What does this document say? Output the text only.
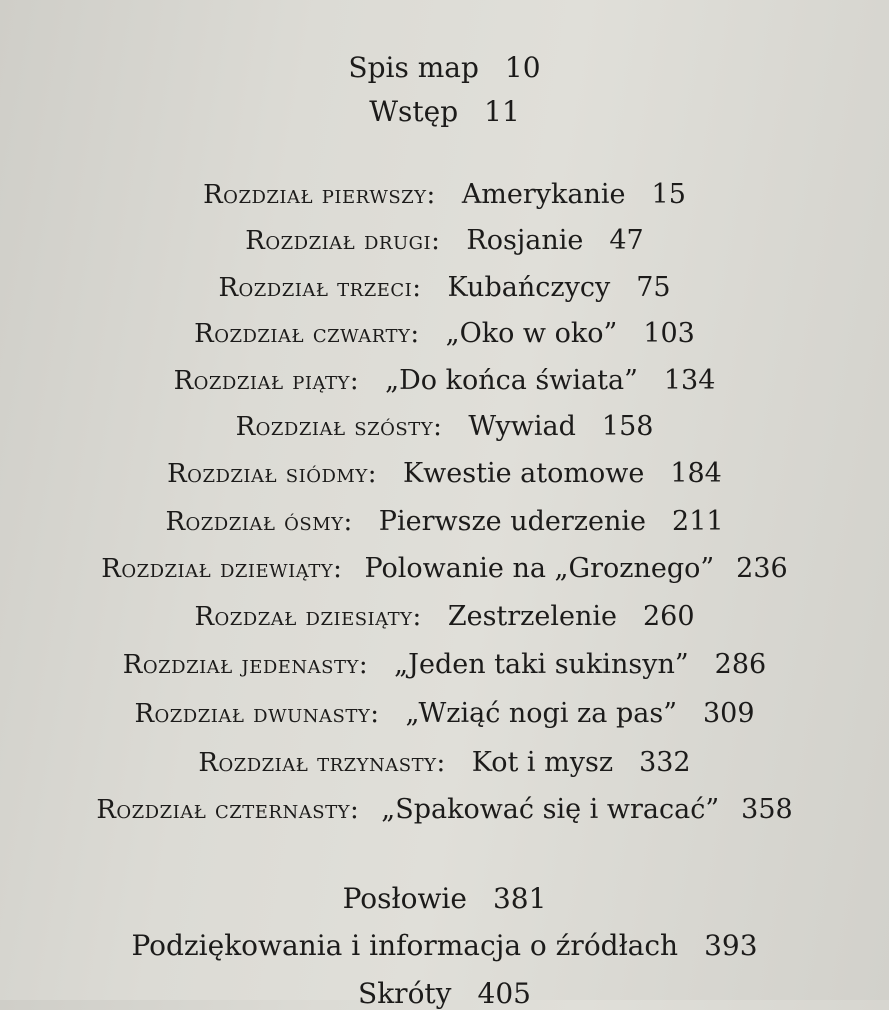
Spis map 10
Wstęp 11
Rozdział pierwszy: Amerykanie 15
Rozdział drugi: Rosjanie 47
Rozdział trzeci: Kubańczycy 75
Rozdział czwarty: „Oko w oko” 103
Rozdział piąty: „Do końca świata” 134
Rozdział szósty: Wywiad 158
Rozdział siódmy: Kwestie atomowe 184
Rozdział ósmy: Pierwsze uderzenie 211
Rozdział dziewiąty: Polowanie na „Groznego” 236
Rozdzał dziesiąty: Zestrzelenie 260
Rozdział jedenasty: „Jeden taki sukinsyn” 286
Rozdział dwunasty: „Wziąć nogi za pas” 309
Rozdział trzynasty: Kot i mysz 332
Rozdział czternasty: „Spakować się i wracać” 358
Posłowie 381
Podziękowania i informacja o źródłach 393
Skróty 405
